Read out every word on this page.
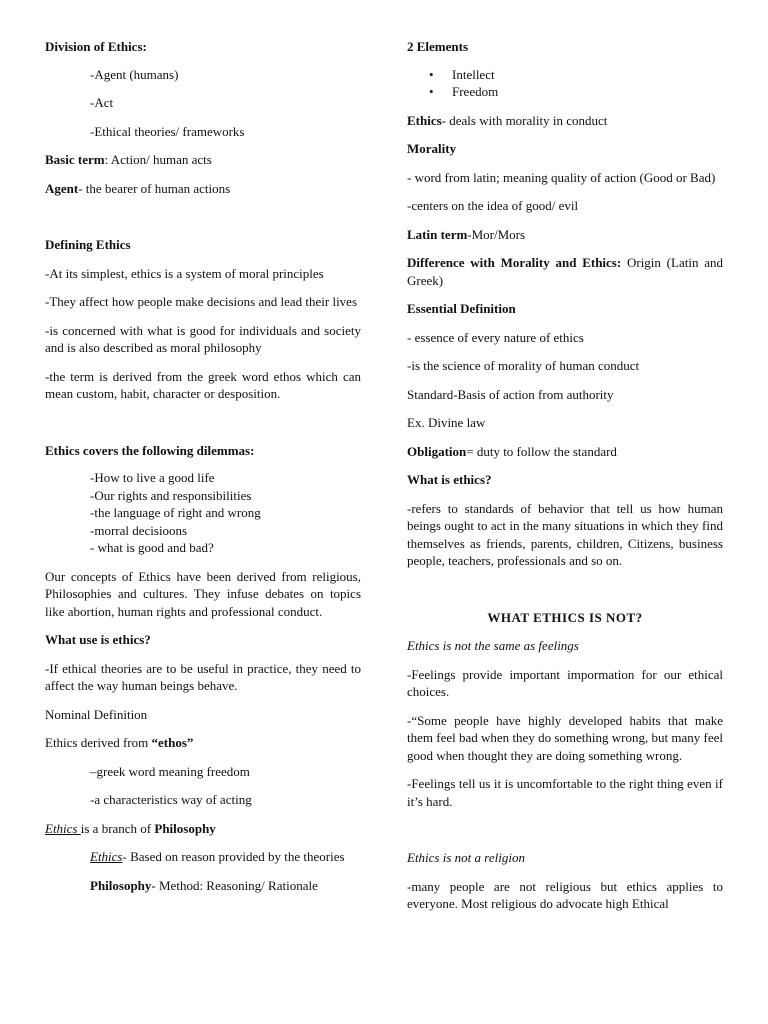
Division of Ethics:

-Agent (humans)

-Act

-Ethical theories/ frameworks

Basic term: Action/ human acts

Agent- the bearer of human actions

Defining Ethics

-At its simplest, ethics is a system of moral principles

-They affect how people make decisions and lead their lives

-is concerned with what is good for individuals and society and is also described as moral philosophy

-the term is derived from the greek word ethos which can mean custom, habit, character or desposition.

Ethics covers the following dilemmas:

-How to live a good life

-Our rights and responsibilities

-the language of right and wrong

-morral decisioons

- what is good and bad?

Our concepts of Ethics have been derived from religious, Philosophies and cultures. They infuse debates on topics like abortion, human rights and professional conduct.

What use is ethics?

-If ethical theories are to be useful in practice, they need to affect the way human beings behave.

Nominal Definition

Ethics derived from “ethos”

–greek word meaning freedom

-a characteristics way of acting

Ethics is a branch of Philosophy

Ethics- Based on reason provided by the theories

Philosophy- Method: Reasoning/ Rationale

2 Elements

• Intellect
• Freedom

Ethics- deals with morality in conduct

Morality

- word from latin; meaning quality of action (Good or Bad)

-centers on the idea of good/ evil

Latin term-Mor/Mors

Difference with Morality and Ethics: Origin (Latin and Greek)

Essential Definition

- essence of every nature of ethics

-is the science of morality of human conduct

Standard-Basis of action from authority

Ex. Divine law

Obligation= duty to follow the standard

What is ethics?

-refers to standards of behavior that tell us how human beings ought to act in the many situations in which they find themselves as friends, parents, children, Citizens, business people, teachers, professionals and so on.

WHAT ETHICS IS NOT?

Ethics is not the same as feelings

-Feelings provide important impormation for our ethical choices.

-“Some people have highly developed habits that make them feel bad when they do something wrong, but many feel good when thought they are doing something wrong.

-Feelings tell us it is uncomfortable to the right thing even if it’s hard.

Ethics is not a religion

-many people are not religious but ethics applies to everyone. Most religious do advocate high Ethical
